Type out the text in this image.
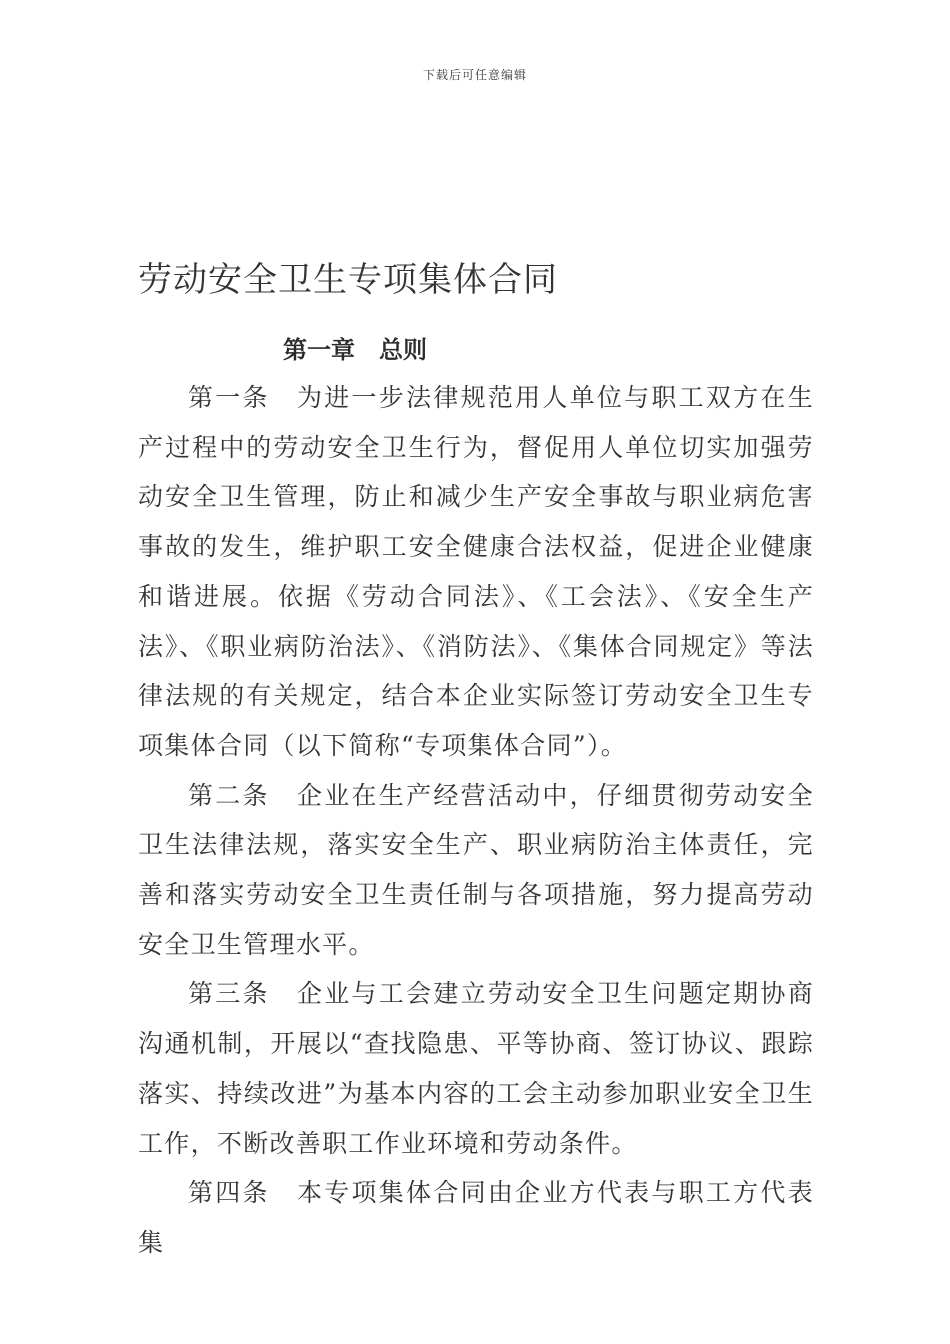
下载后可任意编辑
劳动安全卫生专项集体合同
第一章　总则

第一条　为进一步法律规范用人单位与职工双方在生产过程中的劳动安全卫生行为，督促用人单位切实加强劳动安全卫生管理，防止和减少生产安全事故与职业病危害事故的发生，维护职工安全健康合法权益，促进企业健康和谐进展。依据《劳动合同法》、《工会法》、《安全生产法》、《职业病防治法》、《消防法》、《集体合同规定》等法律法规的有关规定，结合本企业实际签订劳动安全卫生专项集体合同（以下简称“专项集体合同”）。

第二条　企业在生产经营活动中，仔细贯彻劳动安全卫生法律法规，落实安全生产、职业病防治主体责任，完善和落实劳动安全卫生责任制与各项措施，努力提高劳动安全卫生管理水平。

第三条　企业与工会建立劳动安全卫生问题定期协商沟通机制，开展以“查找隐患、平等协商、签订协议、跟踪落实、持续改进”为基本内容的工会主动参加职业安全卫生工作，不断改善职工作业环境和劳动条件。

第四条　本专项集体合同由企业方代表与职工方代表集
